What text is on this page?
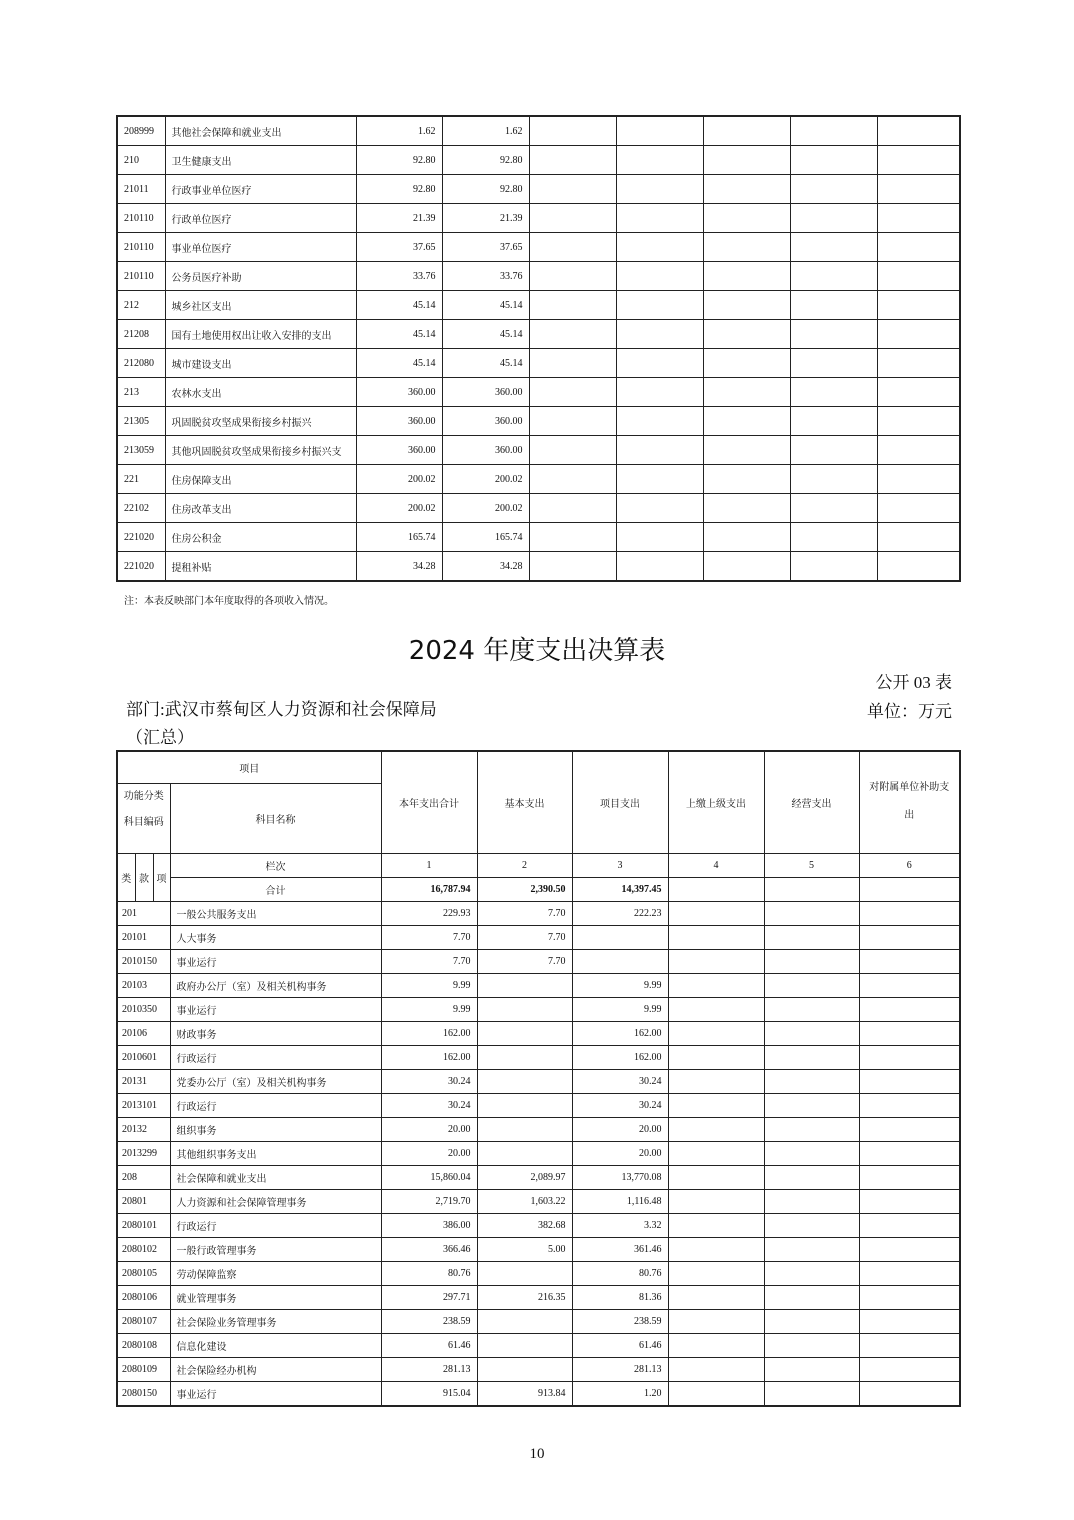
208999	其他社会保障和就业支出	1.62	1.62					
210	卫生健康支出	92.80	92.80					
21011	行政事业单位医疗	92.80	92.80					
210110	行政单位医疗	21.39	21.39					
210110	事业单位医疗	37.65	37.65					
210110	公务员医疗补助	33.76	33.76					
212	城乡社区支出	45.14	45.14					
21208	国有土地使用权出让收入安排的支出	45.14	45.14					
212080	城市建设支出	45.14	45.14					
213	农林水支出	360.00	360.00					
21305	巩固脱贫攻坚成果衔接乡村振兴	360.00	360.00					
213059	其他巩固脱贫攻坚成果衔接乡村振兴支	360.00	360.00					
221	住房保障支出	200.02	200.02					
22102	住房改革支出	200.02	200.02					
221020	住房公积金	165.74	165.74					
221020	提租补贴	34.28	34.28					
注：本表反映部门本年度取得的各项收入情况。
2024 年度支出决算表
公开 03 表
部门:武汉市蔡甸区人力资源和社会保障局（汇总）
单位：万元
项目				本年支出合计	基本支出	项目支出	上缴上级支出	经营支出	对附属单位补助支出

功能分类科目编码			科目名称						
类	款	项	栏次	1	2	3	4	5	6
			合计	16,787.94	2,390.50	14,397.45			
201			一般公共服务支出	229.93	7.70	222.23			
20101			人大事务	7.70	7.70				
2010150			事业运行	7.70	7.70				
20103			政府办公厅（室）及相关机构事务	9.99		9.99			
2010350			事业运行	9.99		9.99			
20106			财政事务	162.00		162.00			
2010601			行政运行	162.00		162.00			
20131			党委办公厅（室）及相关机构事务	30.24		30.24			
2013101			行政运行	30.24		30.24			
20132			组织事务	20.00		20.00			
2013299			其他组织事务支出	20.00		20.00			
208			社会保障和就业支出	15,860.04	2,089.97	13,770.08			
20801			人力资源和社会保障管理事务	2,719.70	1,603.22	1,116.48			
2080101			行政运行	386.00	382.68	3.32			
2080102			一般行政管理事务	366.46	5.00	361.46			
2080105			劳动保障监察	80.76		80.76			
2080106			就业管理事务	297.71	216.35	81.36			
2080107			社会保险业务管理事务	238.59		238.59			
2080108			信息化建设	61.46		61.46			
2080109			社会保险经办机构	281.13		281.13			
2080150			事业运行	915.04	913.84	1.20			
10
